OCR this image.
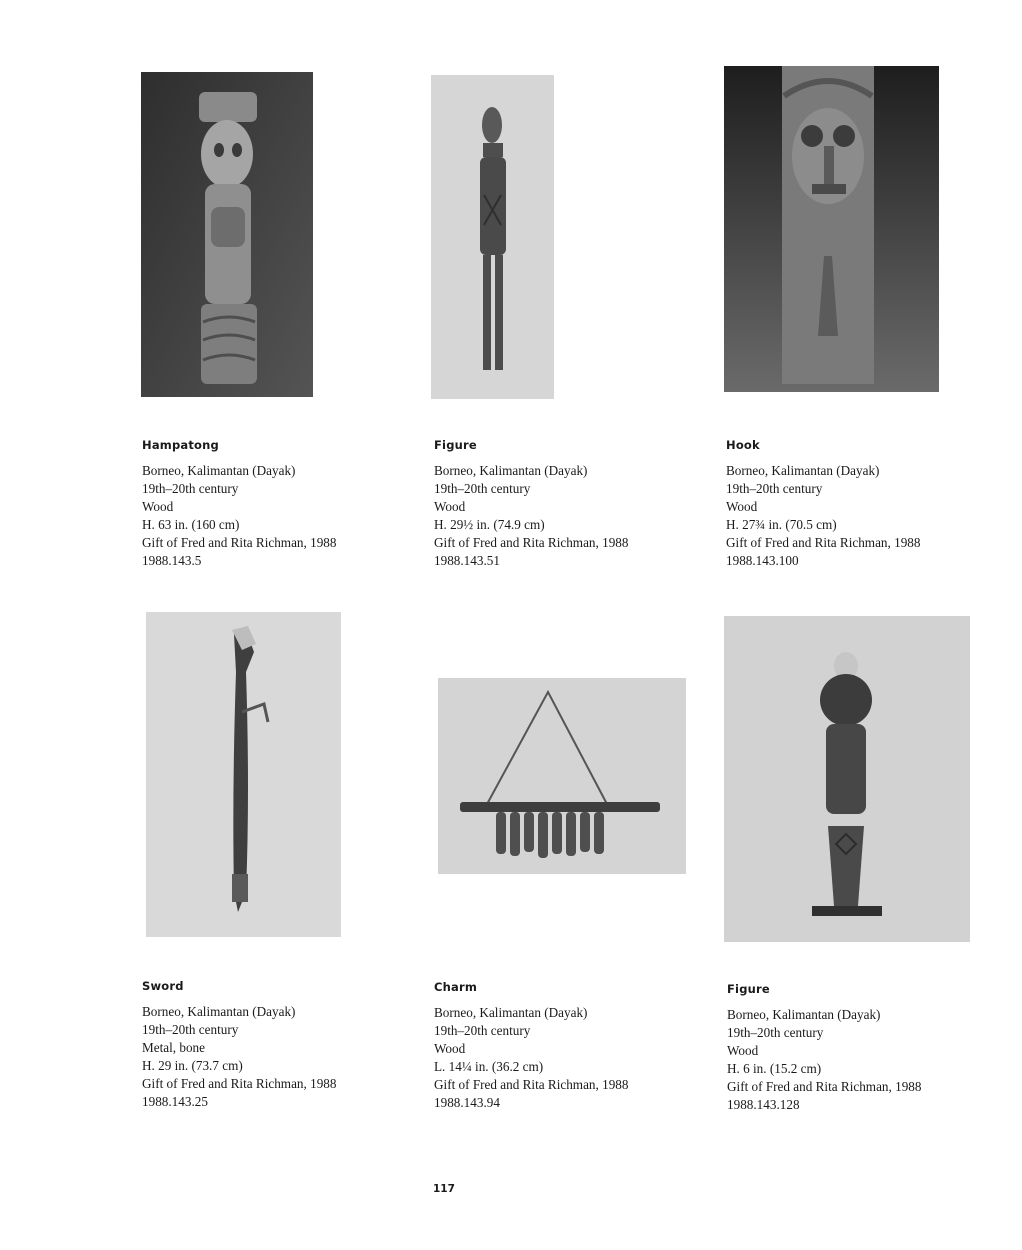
Hampatong

Borneo, Kalimantan (Dayak)

19th–20th century

Wood

H. 63 in. (160 cm)

Gift of Fred and Rita Richman, 1988

1988.143.5

Figure

Borneo, Kalimantan (Dayak)

19th–20th century

Wood

H. 29½ in. (74.9 cm)

Gift of Fred and Rita Richman, 1988

1988.143.51

Hook

Borneo, Kalimantan (Dayak)

19th–20th century

Wood

H. 27¾ in. (70.5 cm)

Gift of Fred and Rita Richman, 1988

1988.143.100

Sword

Borneo, Kalimantan (Dayak)

19th–20th century

Metal, bone

H. 29 in. (73.7 cm)

Gift of Fred and Rita Richman, 1988

1988.143.25

Charm

Borneo, Kalimantan (Dayak)

19th–20th century

Wood

L. 14¼ in. (36.2 cm)

Gift of Fred and Rita Richman, 1988

1988.143.94

Figure

Borneo, Kalimantan (Dayak)

19th–20th century

Wood

H. 6 in. (15.2 cm)

Gift of Fred and Rita Richman, 1988

1988.143.128

117
